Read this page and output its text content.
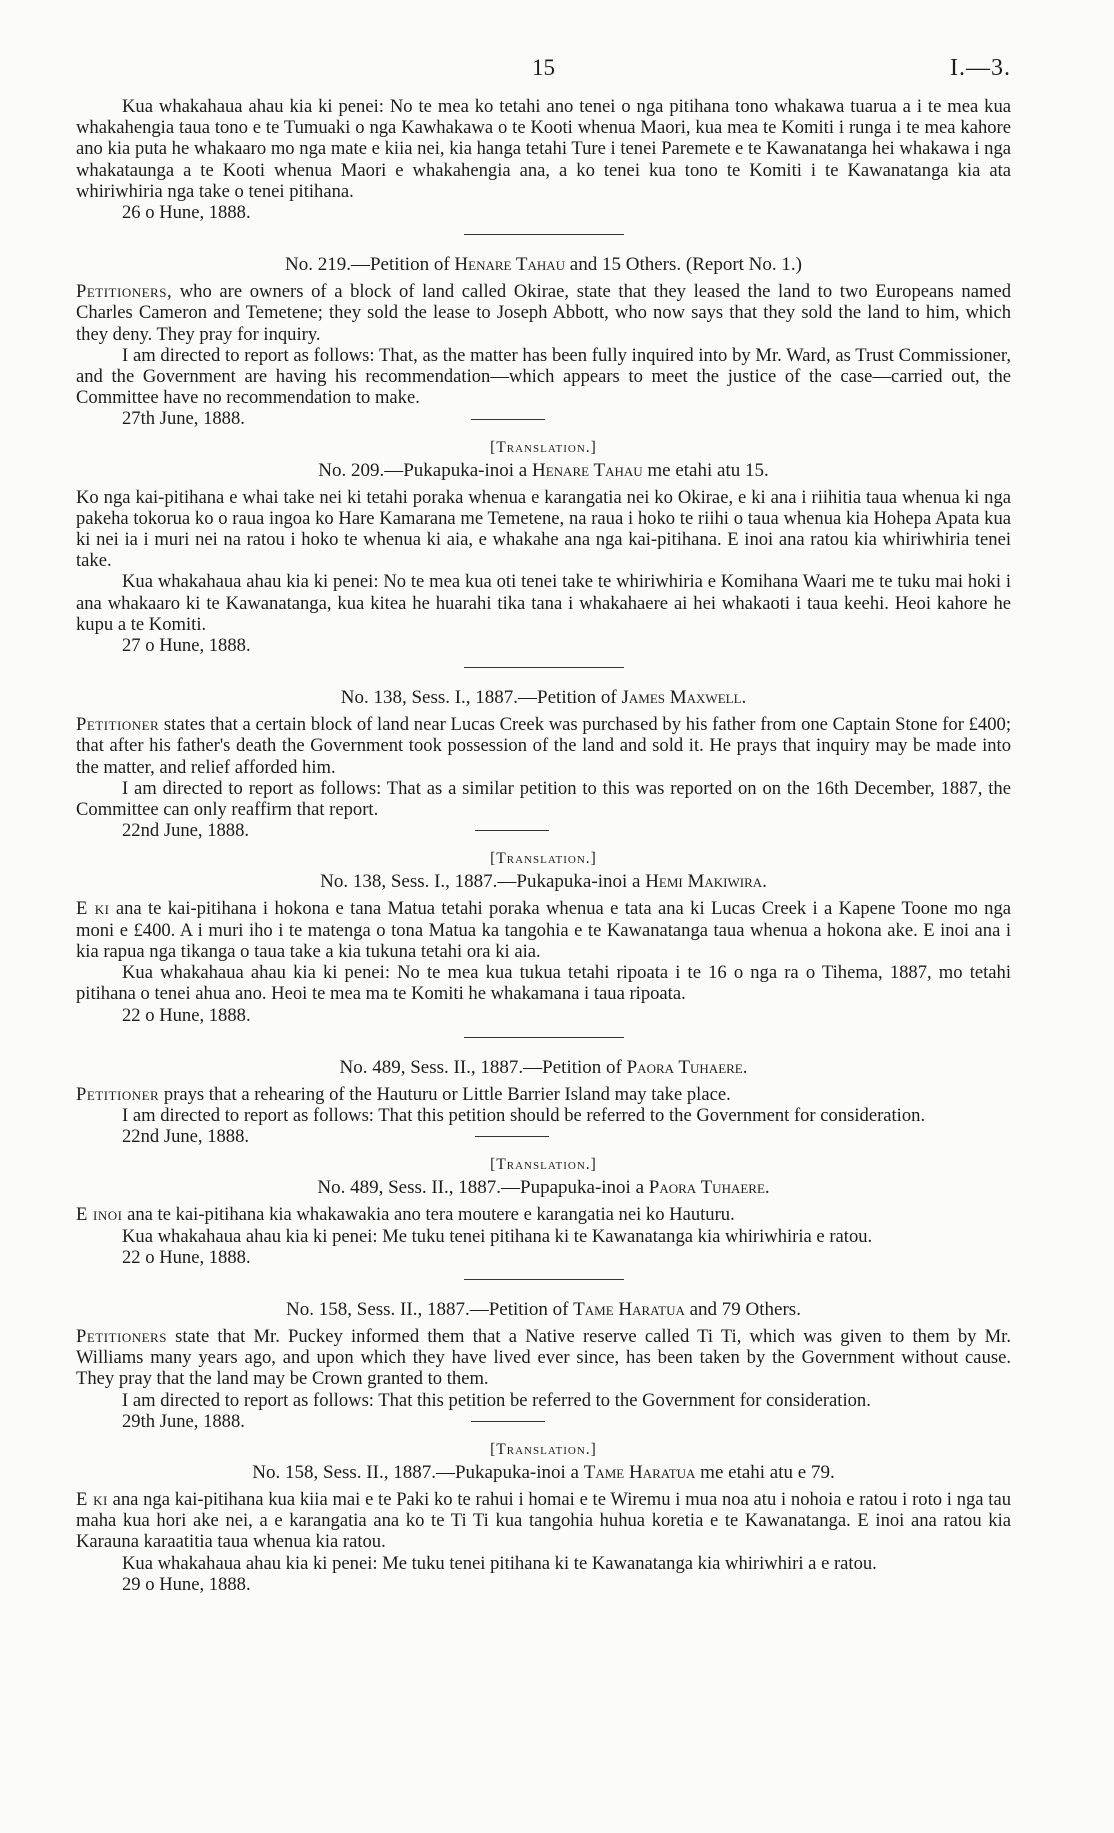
15	I.—3.

Kua whakahaua ahau kia ki penei: No te mea ko tetahi ano tenei o nga pitihana tono whakawa tuarua a i te mea kua whakahengia taua tono e te Tumuaki o nga Kawhakawa o te Kooti whenua Maori, kua mea te Komiti i runga i te mea kahore ano kia puta he whakaaro mo nga mate e kiia nei, kia hanga tetahi Ture i tenei Paremete e te Kawanatanga hei whakawa i nga whakataunga a te Kooti whenua Maori e whakahengia ana, a ko tenei kua tono te Komiti i te Kawanatanga kia ata whiriwhiria nga take o tenei pitihana.

26 o Hune, 1888.
No. 219.—Petition of Henare Tahau and 15 Others. (Report No. 1.)

Petitioners, who are owners of a block of land called Okirae, state that they leased the land to two Europeans named Charles Cameron and Temetene; they sold the lease to Joseph Abbott, who now says that they sold the land to him, which they deny. They pray for inquiry.

I am directed to report as follows: That, as the matter has been fully inquired into by Mr. Ward, as Trust Commissioner, and the Government are having his recommendation—which appears to meet the justice of the case—carried out, the Committee have no recommendation to make.

27th June, 1888.
[Translation.]
No. 209.—Pukapuka-inoi a Henare Tahau me etahi atu 15.

Ko nga kai-pitihana e whai take nei ki tetahi poraka whenua e karangatia nei ko Okirae, e ki ana i riihitia taua whenua ki nga pakeha tokorua ko o raua ingoa ko Hare Kamarana me Temetene, na raua i hoko te riihi o taua whenua kia Hohepa Apata kua ki nei ia i muri nei na ratou i hoko te whenua ki aia, e whakahe ana nga kai-pitihana. E inoi ana ratou kia whiriwhiria tenei take.

Kua whakahaua ahau kia ki penei: No te mea kua oti tenei take te whiriwhiria e Komihana Waari me te tuku mai hoki i ana whakaaro ki te Kawanatanga, kua kitea he huarahi tika tana i whakahaere ai hei whakaoti i taua keehi. Heoi kahore he kupu a te Komiti.

27 o Hune, 1888.
No. 138, Sess. I., 1887.—Petition of James Maxwell.

Petitioner states that a certain block of land near Lucas Creek was purchased by his father from one Captain Stone for £400; that after his father's death the Government took possession of the land and sold it. He prays that inquiry may be made into the matter, and relief afforded him.

I am directed to report as follows: That as a similar petition to this was reported on on the 16th December, 1887, the Committee can only reaffirm that report.

22nd June, 1888.
[Translation.]
No. 138, Sess. I., 1887.—Pukapuka-inoi a Hemi Makiwira.

E ki ana te kai-pitihana i hokona e tana Matua tetahi poraka whenua e tata ana ki Lucas Creek i a Kapene Toone mo nga moni e £400. A i muri iho i te matenga o tona Matua ka tangohia e te Kawanatanga taua whenua a hokona ake. E inoi ana i kia rapua nga tikanga o taua take a kia tukuna tetahi ora ki aia.

Kua whakahaua ahau kia ki penei: No te mea kua tukua tetahi ripoata i te 16 o nga ra o Tihema, 1887, mo tetahi pitihana o tenei ahua ano. Heoi te mea ma te Komiti he whakamana i taua ripoata.

22 o Hune, 1888.
No. 489, Sess. II., 1887.—Petition of Paora Tuhaere.

Petitioner prays that a rehearing of the Hauturu or Little Barrier Island may take place.

I am directed to report as follows: That this petition should be referred to the Government for consideration.

22nd June, 1888.
[Translation.]
No. 489, Sess. II., 1887.—Pupapuka-inoi a Paora Tuhaere.

E inoi ana te kai-pitihana kia whakawakia ano tera moutere e karangatia nei ko Hauturu.

Kua whakahaua ahau kia ki penei: Me tuku tenei pitihana ki te Kawanatanga kia whiriwhiria e ratou.

22 o Hune, 1888.
No. 158, Sess. II., 1887.—Petition of Tame Haratua and 79 Others.

Petitioners state that Mr. Puckey informed them that a Native reserve called Ti Ti, which was given to them by Mr. Williams many years ago, and upon which they have lived ever since, has been taken by the Government without cause. They pray that the land may be Crown granted to them.

I am directed to report as follows: That this petition be referred to the Government for consideration.

29th June, 1888.
[Translation.]
No. 158, Sess. II., 1887.—Pukapuka-inoi a Tame Haratua me etahi atu e 79.

E ki ana nga kai-pitihana kua kiia mai e te Paki ko te rahui i homai e te Wiremu i mua noa atu i nohoia e ratou i roto i nga tau maha kua hori ake nei, a e karangatia ana ko te Ti Ti kua tangohia huhua koretia e te Kawanatanga. E inoi ana ratou kia Karauna karaatitia taua whenua kia ratou.

Kua whakahaua ahau kia ki penei: Me tuku tenei pitihana ki te Kawanatanga kia whiriwhiri a e ratou.

29 o Hune, 1888.
